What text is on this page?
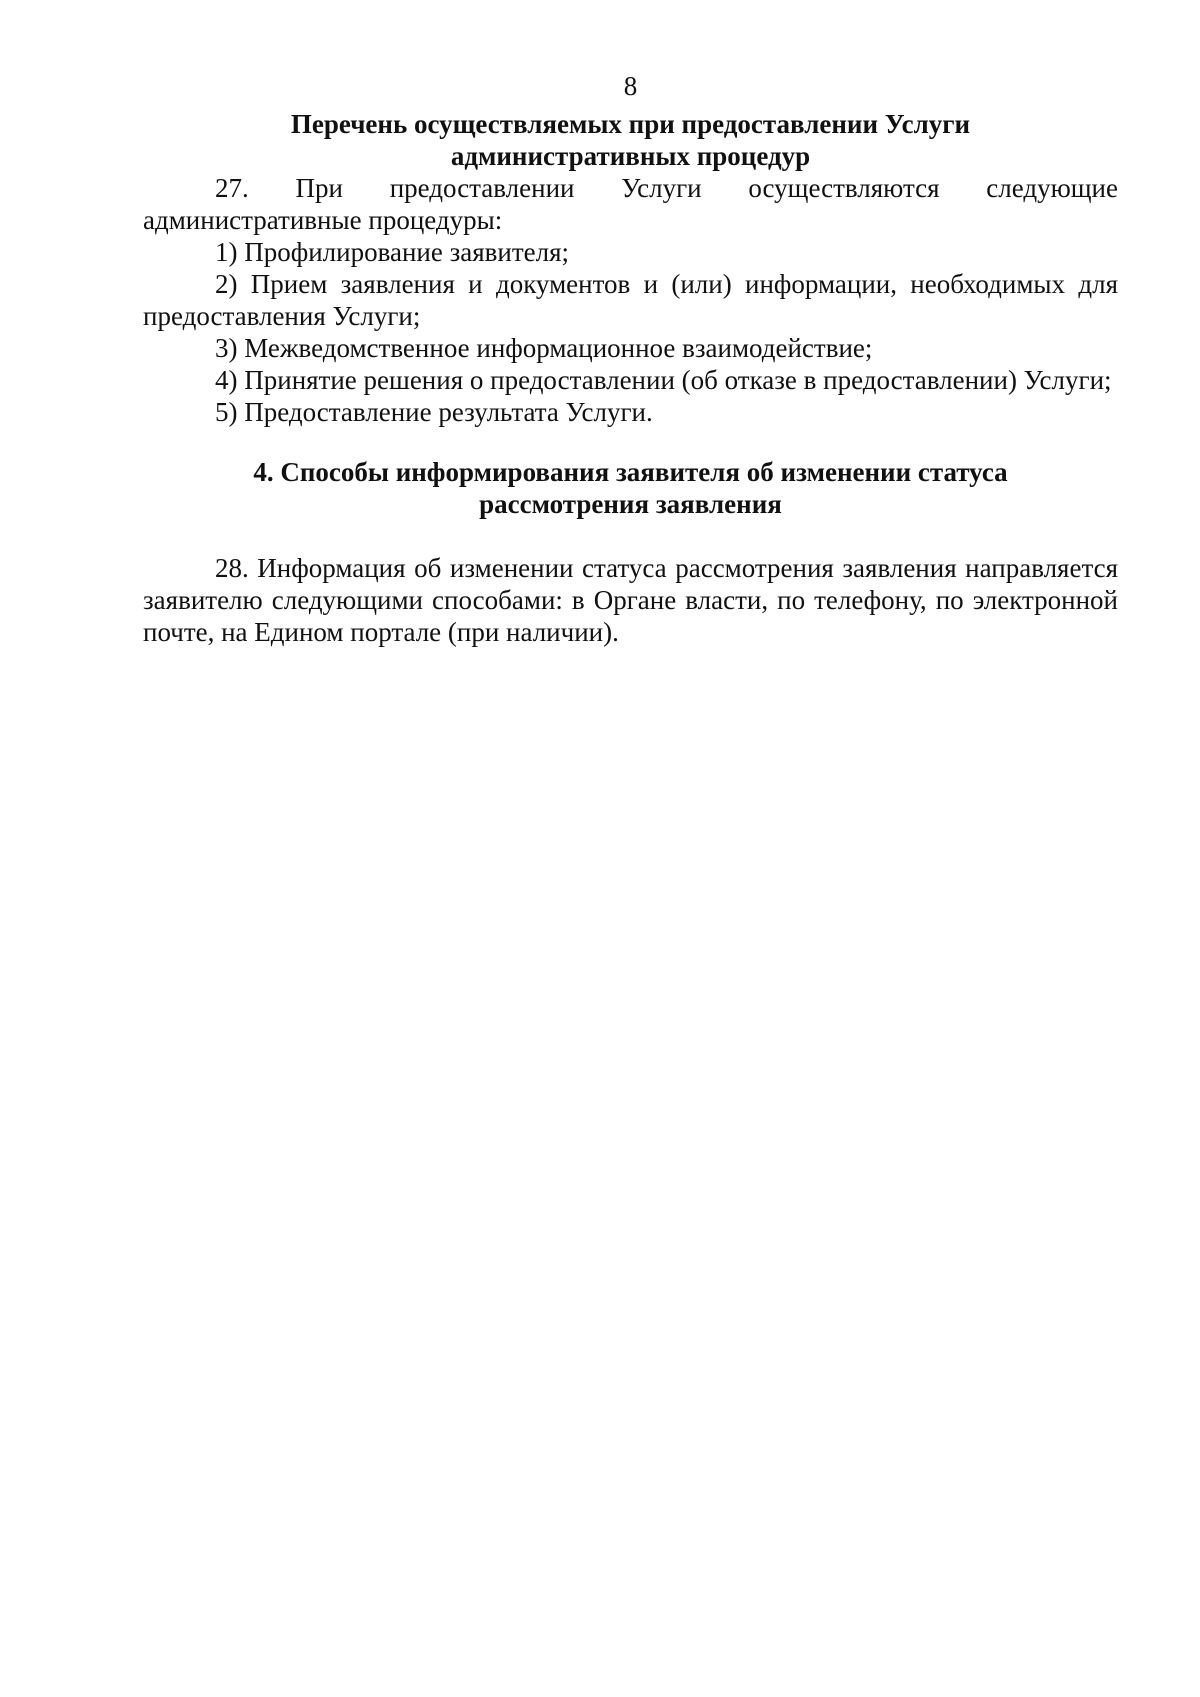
8

Перечень осуществляемых при предоставлении Услуги

административных процедур

27. При предоставлении Услуги осуществляются следующие административные процедуры:

1) Профилирование заявителя;

2) Прием заявления и документов и (или) информации, необходимых для предоставления Услуги;

3) Межведомственное информационное взаимодействие;

4) Принятие решения о предоставлении (об отказе в предоставлении) Услуги;

5) Предоставление результата Услуги.

4. Способы информирования заявителя об изменении статуса

рассмотрения заявления

28. Информация об изменении статуса рассмотрения заявления направляется заявителю следующими способами: в Органе власти, по телефону, по электронной почте, на Едином портале (при наличии).
